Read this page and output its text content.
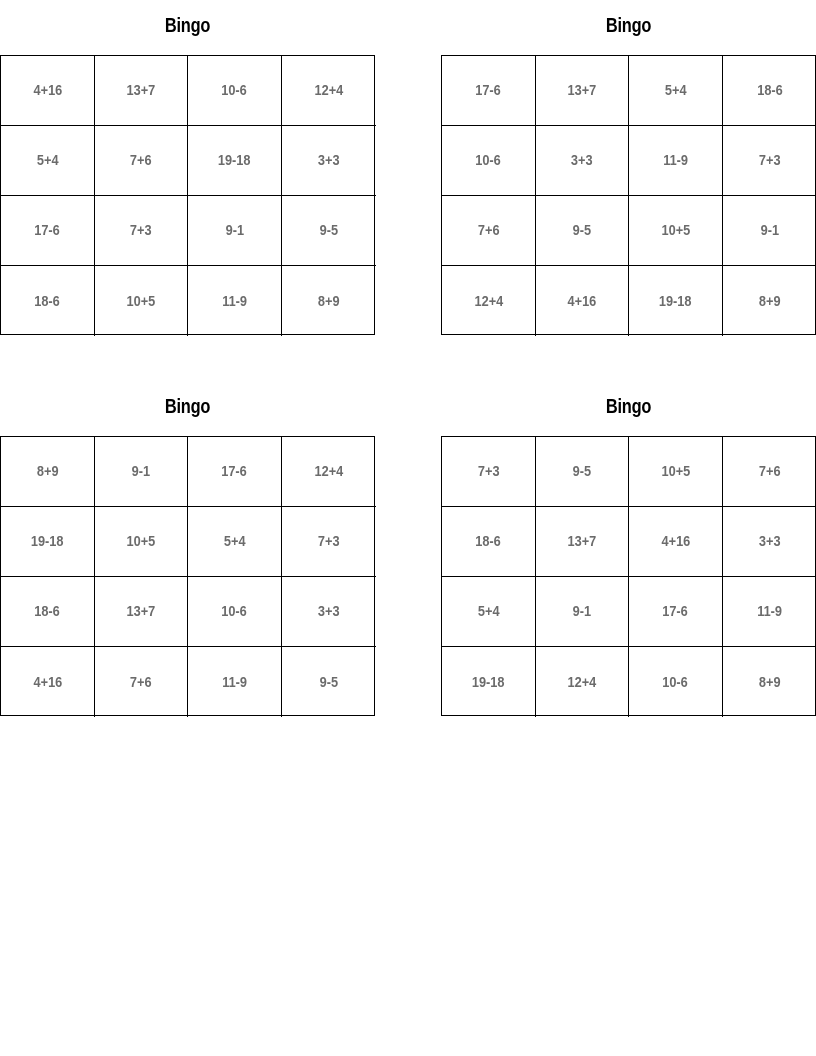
Bingo
4+16	13+7	10-6	12+4
5+4	7+6	19-18	3+3
17-6	7+3	9-1	9-5
18-6	10+5	11-9	8+9
Bingo
17-6	13+7	5+4	18-6
10-6	3+3	11-9	7+3
7+6	9-5	10+5	9-1
12+4	4+16	19-18	8+9
Bingo
8+9	9-1	17-6	12+4
19-18	10+5	5+4	7+3
18-6	13+7	10-6	3+3
4+16	7+6	11-9	9-5
Bingo
7+3	9-5	10+5	7+6
18-6	13+7	4+16	3+3
5+4	9-1	17-6	11-9
19-18	12+4	10-6	8+9
